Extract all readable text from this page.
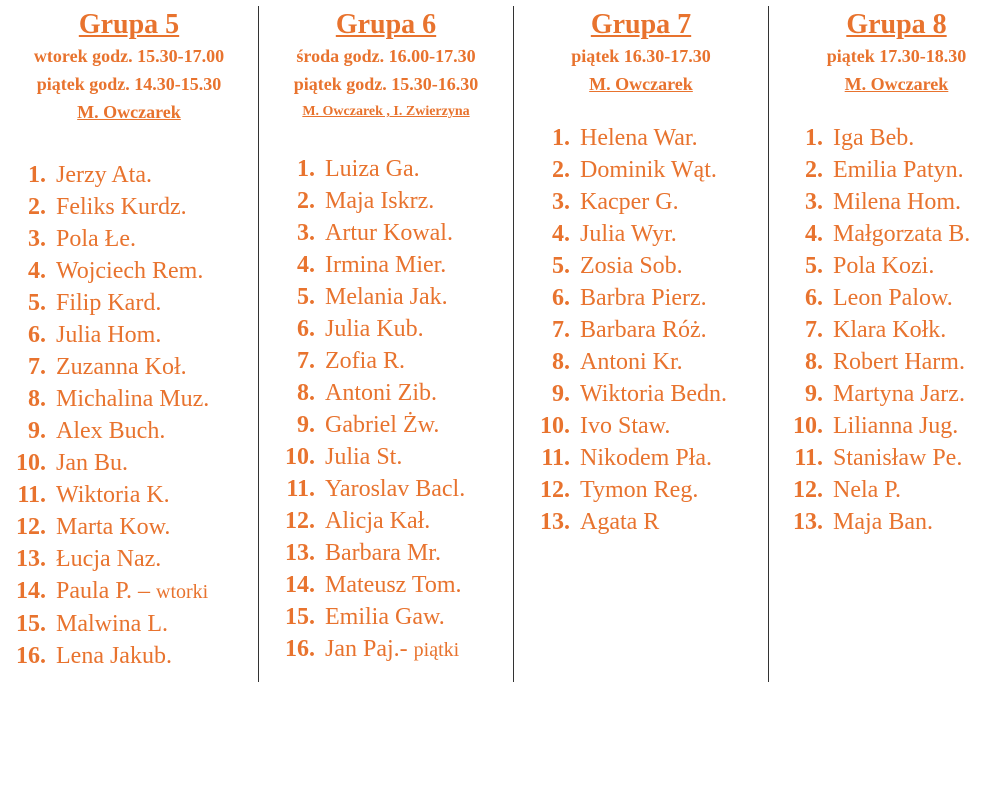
Grupa 5
wtorek godz. 15.30-17.00
piątek godz. 14.30-15.30
M. Owczarek
1. Jerzy Ata.
2. Feliks Kurdz.
3. Pola Łe.
4. Wojciech Rem.
5. Filip Kard.
6. Julia Hom.
7. Zuzanna Koł.
8. Michalina Muz.
9. Alex Buch.
10. Jan Bu.
11. Wiktoria K.
12. Marta Kow.
13. Łucja Naz.
14. Paula P. –
wtorki
15. Malwina L.
16. Lena Jakub.
Grupa 6
środa godz. 16.00-17.30
piątek godz. 15.30-16.30
M. Owczarek , I. Zwierzyna
1. Luiza Ga.
2. Maja Iskrz.
3. Artur Kowal.
4. Irmina Mier.
5. Melania Jak.
6. Julia Kub.
7. Zofia R.
8. Antoni Zib.
9. Gabriel Żw.
10. Julia St.
11. Yaroslav Bacl.
12. Alicja Kał.
13. Barbara Mr.
14. Mateusz Tom.
15. Emilia Gaw.
16. Jan Paj.-
piątki
Grupa 7
piątek 16.30-17.30
M. Owczarek
1. Helena War.
2. Dominik Wąt.
3. Kacper G.
4. Julia Wyr.
5. Zosia Sob.
6. Barbra Pierz.
7. Barbara Róż.
8. Antoni Kr.
9. Wiktoria Bedn.
10. Ivo Staw.
11. Nikodem Pła.
12. Tymon Reg.
13. Agata R
Grupa 8
piątek 17.30-18.30
M. Owczarek
1. Iga Beb.
2. Emilia Patyn.
3. Milena Hom.
4. Małgorzata B.
5. Pola Kozi.
6. Leon Palow.
7. Klara Kołk.
8. Robert Harm.
9. Martyna Jarz.
10. Lilianna Jug.
11. Stanisław Pe.
12. Nela P.
13. Maja Ban.
